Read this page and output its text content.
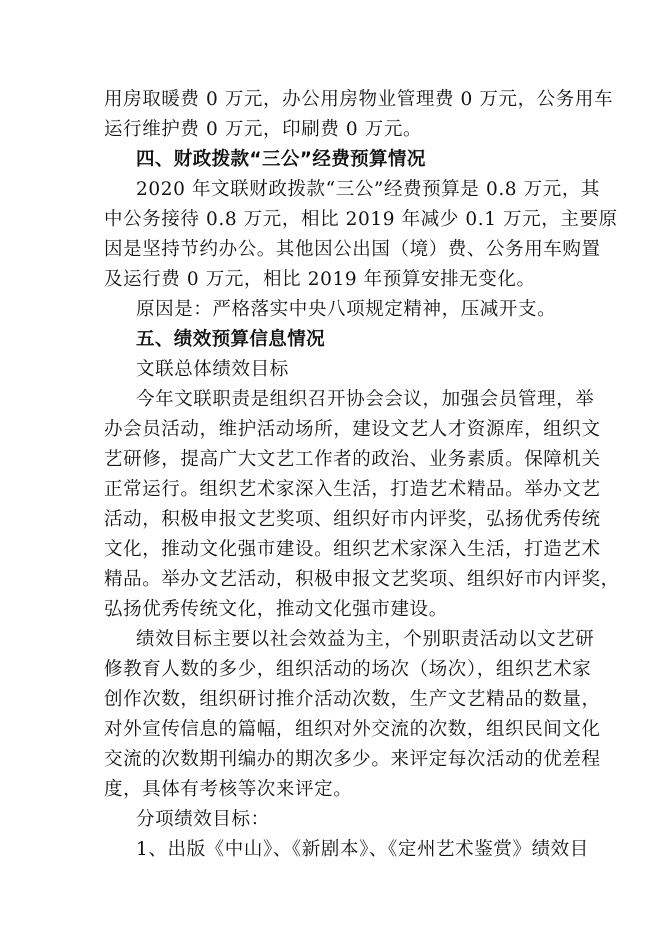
用房取暖费 0 万元，办公用房物业管理费 0 万元，公务用车
运行维护费 0 万元，印刷费 0 万元。
四、财政拨款“三公”经费预算情况
2020 年文联财政拨款“三公”经费预算是 0.8 万元，其
中公务接待 0.8 万元，相比 2019 年减少 0.1 万元，主要原
因是坚持节约办公。其他因公出国（境）费、公务用车购置
及运行费 0 万元，相比 2019 年预算安排无变化。
原因是：严格落实中央八项规定精神，压减开支。
五、绩效预算信息情况
文联总体绩效目标
今年文联职责是组织召开协会会议，加强会员管理，举
办会员活动，维护活动场所，建设文艺人才资源库，组织文
艺研修，提高广大文艺工作者的政治、业务素质。保障机关
正常运行。组织艺术家深入生活，打造艺术精品。举办文艺
活动，积极申报文艺奖项、组织好市内评奖，弘扬优秀传统
文化，推动文化强市建设。组织艺术家深入生活，打造艺术
精品。举办文艺活动，积极申报文艺奖项、组织好市内评奖，
弘扬优秀传统文化，推动文化强市建设。
绩效目标主要以社会效益为主，个别职责活动以文艺研
修教育人数的多少，组织活动的场次（场次），组织艺术家
创作次数，组织研讨推介活动次数，生产文艺精品的数量，
对外宣传信息的篇幅，组织对外交流的次数，组织民间文化
交流的次数期刊编办的期次多少。来评定每次活动的优差程
度，具体有考核等次来评定。
分项绩效目标：
1、出版《中山》、《新剧本》、《定州艺术鉴赏》绩效目
